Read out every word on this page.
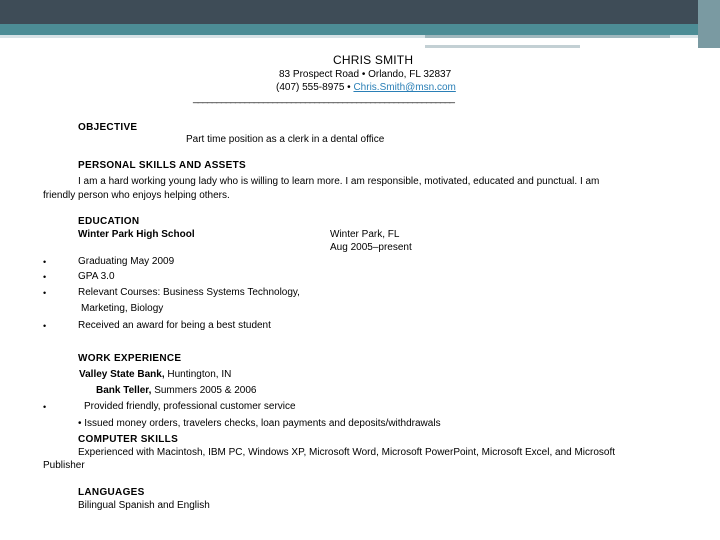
CHRIS SMITH
83 Prospect Road • Orlando, FL 32837
(407) 555-8975 • Chris.Smith@msn.com
________________________________________________________
OBJECTIVE
Part time position as a clerk in a dental office
PERSONAL SKILLS AND ASSETS
I am a hard working young lady who is willing to learn more. I am responsible, motivated, educated and punctual. I am
friendly person who enjoys helping others.
EDUCATION
Winter Park High School	Winter Park, FL
Aug 2005–present
•	Graduating May 2009
•	GPA 3.0
•	Relevant Courses: Business Systems Technology,
Marketing, Biology
•	Received an award for being a best student
WORK EXPERIENCE
Valley State Bank, Huntington, IN
Bank Teller, Summers 2005 & 2006
•	Provided friendly, professional customer service
• Issued money orders, travelers checks, loan payments and deposits/withdrawals
COMPUTER SKILLS
Experienced with Macintosh, IBM PC, Windows XP, Microsoft Word, Microsoft PowerPoint, Microsoft Excel, and Microsoft
Publisher
LANGUAGES
Bilingual Spanish and English
